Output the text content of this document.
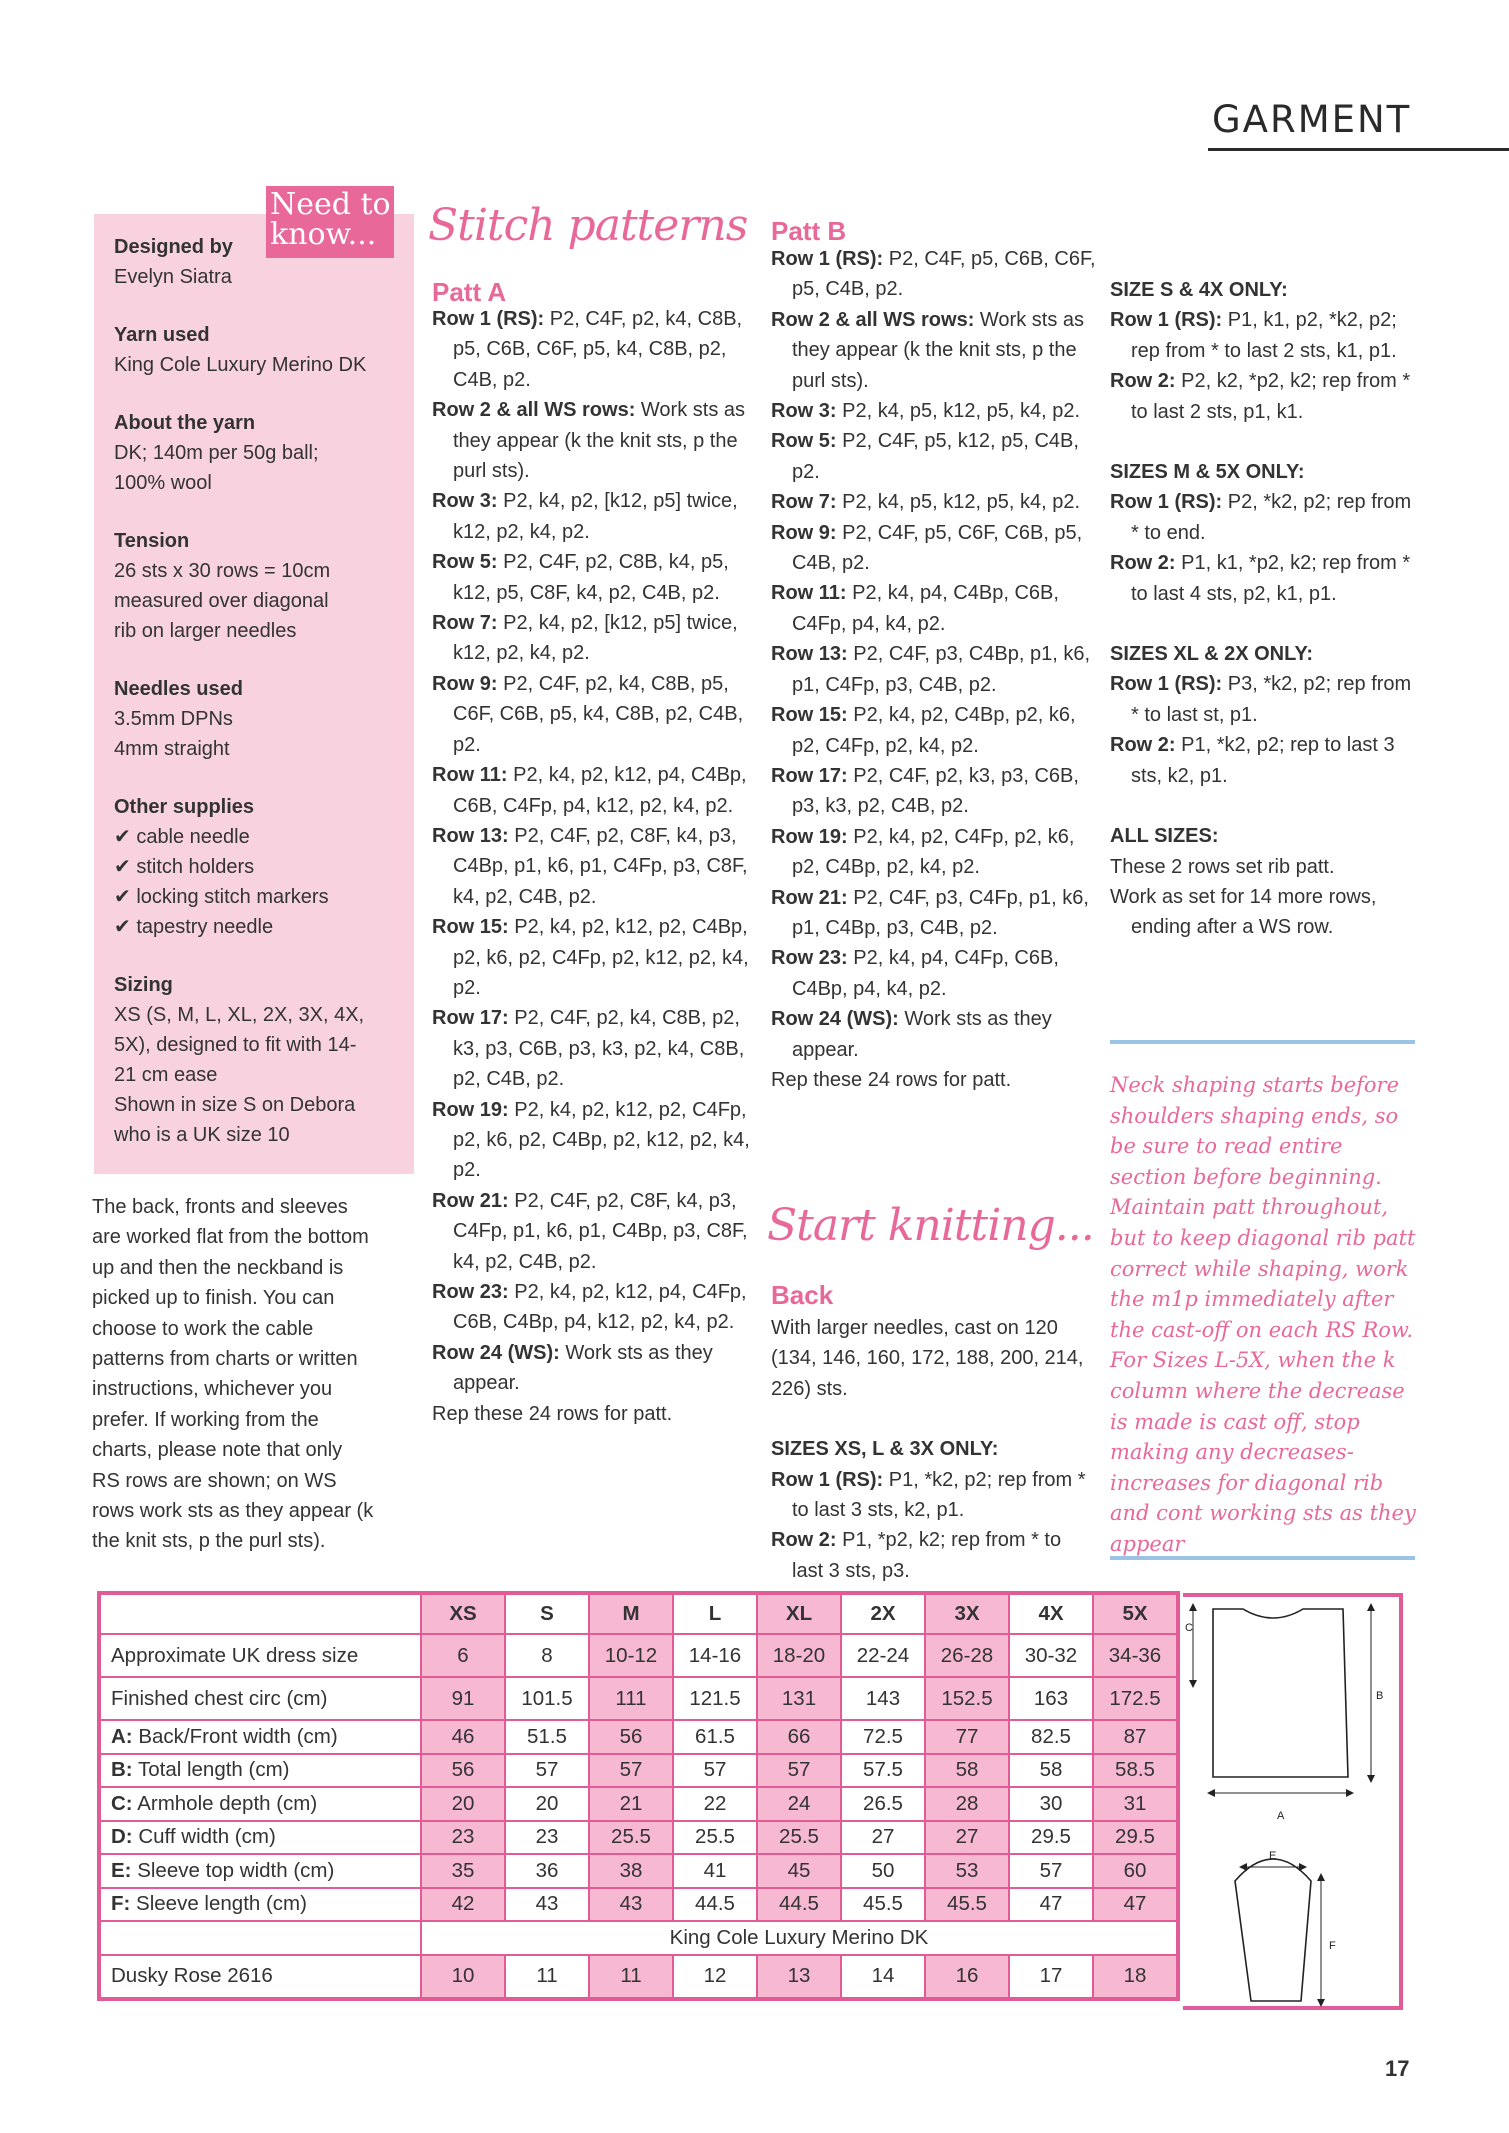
GARMENT
Need to
know...
Designed by
Evelyn Siatra
Yarn used
King Cole Luxury Merino DK
About the yarn
DK; 140m per 50g ball;
100% wool
Tension
26 sts x 30 rows = 10cm
measured over diagonal
rib on larger needles
Needles used
3.5mm DPNs
4mm straight
Other supplies
✔ cable needle
✔ stitch holders
✔ locking stitch markers
✔ tapestry needle
Sizing
XS (S, M, L, XL, 2X, 3X, 4X,
5X), designed to fit with 14-
21 cm ease
Shown in size S on Debora
who is a UK size 10
The back, fronts and sleeves
are worked flat from the bottom
up and then the neckband is
picked up to finish. You can
choose to work the cable
patterns from charts or written
instructions, whichever you
prefer. If working from the
charts, please note that only
RS rows are shown; on WS
rows work sts as they appear (k
the knit sts, p the purl sts).
Stitch patterns
Patt A
Row 1 (RS): P2, C4F, p2, k4, C8B, p5, C6B, C6F, p5, k4, C8B, p2, C4B, p2.
Row 2 & all WS rows: Work sts as they appear (k the knit sts, p the purl sts).
Row 3: P2, k4, p2, [k12, p5] twice, k12, p2, k4, p2.
Row 5: P2, C4F, p2, C8B, k4, p5, k12, p5, C8F, k4, p2, C4B, p2.
Row 7: P2, k4, p2, [k12, p5] twice, k12, p2, k4, p2.
Row 9: P2, C4F, p2, k4, C8B, p5, C6F, C6B, p5, k4, C8B, p2, C4B, p2.
Row 11: P2, k4, p2, k12, p4, C4Bp, C6B, C4Fp, p4, k12, p2, k4, p2.
Row 13: P2, C4F, p2, C8F, k4, p3, C4Bp, p1, k6, p1, C4Fp, p3, C8F, k4, p2, C4B, p2.
Row 15: P2, k4, p2, k12, p2, C4Bp, p2, k6, p2, C4Fp, p2, k12, p2, k4, p2.
Row 17: P2, C4F, p2, k4, C8B, p2, k3, p3, C6B, p3, k3, p2, k4, C8B, p2, C4B, p2.
Row 19: P2, k4, p2, k12, p2, C4Fp, p2, k6, p2, C4Bp, p2, k12, p2, k4, p2.
Row 21: P2, C4F, p2, C8F, k4, p3, C4Fp, p1, k6, p1, C4Bp, p3, C8F, k4, p2, C4B, p2.
Row 23: P2, k4, p2, k12, p4, C4Fp, C6B, C4Bp, p4, k12, p2, k4, p2.
Row 24 (WS): Work sts as they appear.
Rep these 24 rows for patt.
Patt B
Row 1 (RS): P2, C4F, p5, C6B, C6F, p5, C4B, p2.
Row 2 & all WS rows: Work sts as they appear (k the knit sts, p the purl sts).
Row 3: P2, k4, p5, k12, p5, k4, p2.
Row 5: P2, C4F, p5, k12, p5, C4B, p2.
Row 7: P2, k4, p5, k12, p5, k4, p2.
Row 9: P2, C4F, p5, C6F, C6B, p5, C4B, p2.
Row 11: P2, k4, p4, C4Bp, C6B, C4Fp, p4, k4, p2.
Row 13: P2, C4F, p3, C4Bp, p1, k6, p1, C4Fp, p3, C4B, p2.
Row 15: P2, k4, p2, C4Bp, p2, k6, p2, C4Fp, p2, k4, p2.
Row 17: P2, C4F, p2, k3, p3, C6B, p3, k3, p2, C4B, p2.
Row 19: P2, k4, p2, C4Fp, p2, k6, p2, C4Bp, p2, k4, p2.
Row 21: P2, C4F, p3, C4Fp, p1, k6, p1, C4Bp, p3, C4B, p2.
Row 23: P2, k4, p4, C4Fp, C6B, C4Bp, p4, k4, p2.
Row 24 (WS): Work sts as they appear.
Rep these 24 rows for patt.
Start knitting...
Back
With larger needles, cast on 120 (134, 146, 160, 172, 188, 200, 214, 226) sts.
SIZES XS, L & 3X ONLY:
Row 1 (RS): P1, *k2, p2; rep from * to last 3 sts, k2, p1.
Row 2: P1, *p2, k2; rep from * to last 3 sts, p3.
SIZE S & 4X ONLY:
Row 1 (RS): P1, k1, p2, *k2, p2; rep from * to last 2 sts, k1, p1.
Row 2: P2, k2, *p2, k2; rep from * to last 2 sts, p1, k1.
SIZES M & 5X ONLY:
Row 1 (RS): P2, *k2, p2; rep from * to end.
Row 2: P1, k1, *p2, k2; rep from * to last 4 sts, p2, k1, p1.
SIZES XL & 2X ONLY:
Row 1 (RS): P3, *k2, p2; rep from * to last st, p1.
Row 2: P1, *k2, p2; rep to last 3 sts, k2, p1.
ALL SIZES:
These 2 rows set rib patt.
Work as set for 14 more rows, ending after a WS row.
Neck shaping starts before shoulders shaping ends, so be sure to read entire section before beginning. Maintain patt throughout, but to keep diagonal rib patt correct while shaping, work the m1p immediately after the cast-off on each RS Row. For Sizes L-5X, when the k column where the decrease is made is cast off, stop making any decreases-increases for diagonal rib and cont working sts as they appear
	XS	S	M	L	XL	2X	3X	4X	5X
Approximate UK dress size	6	8	10-12	14-16	18-20	22-24	26-28	30-32	34-36
Finished chest circ (cm)	91	101.5	111	121.5	131	143	152.5	163	172.5
A: Back/Front width (cm)	46	51.5	56	61.5	66	72.5	77	82.5	87
B: Total length (cm)	56	57	57	57	57	57.5	58	58	58.5
C: Armhole depth (cm)	20	20	21	22	24	26.5	28	30	31
D: Cuff width (cm)	23	23	25.5	25.5	25.5	27	27	29.5	29.5
E: Sleeve top width (cm)	35	36	38	41	45	50	53	57	60
F: Sleeve length (cm)	42	43	43	44.5	44.5	45.5	45.5	47	47
	King Cole Luxury Merino DK								
Dusky Rose 2616	10	11	11	12	13	14	16	17	18
C
B
A
E
F
17
